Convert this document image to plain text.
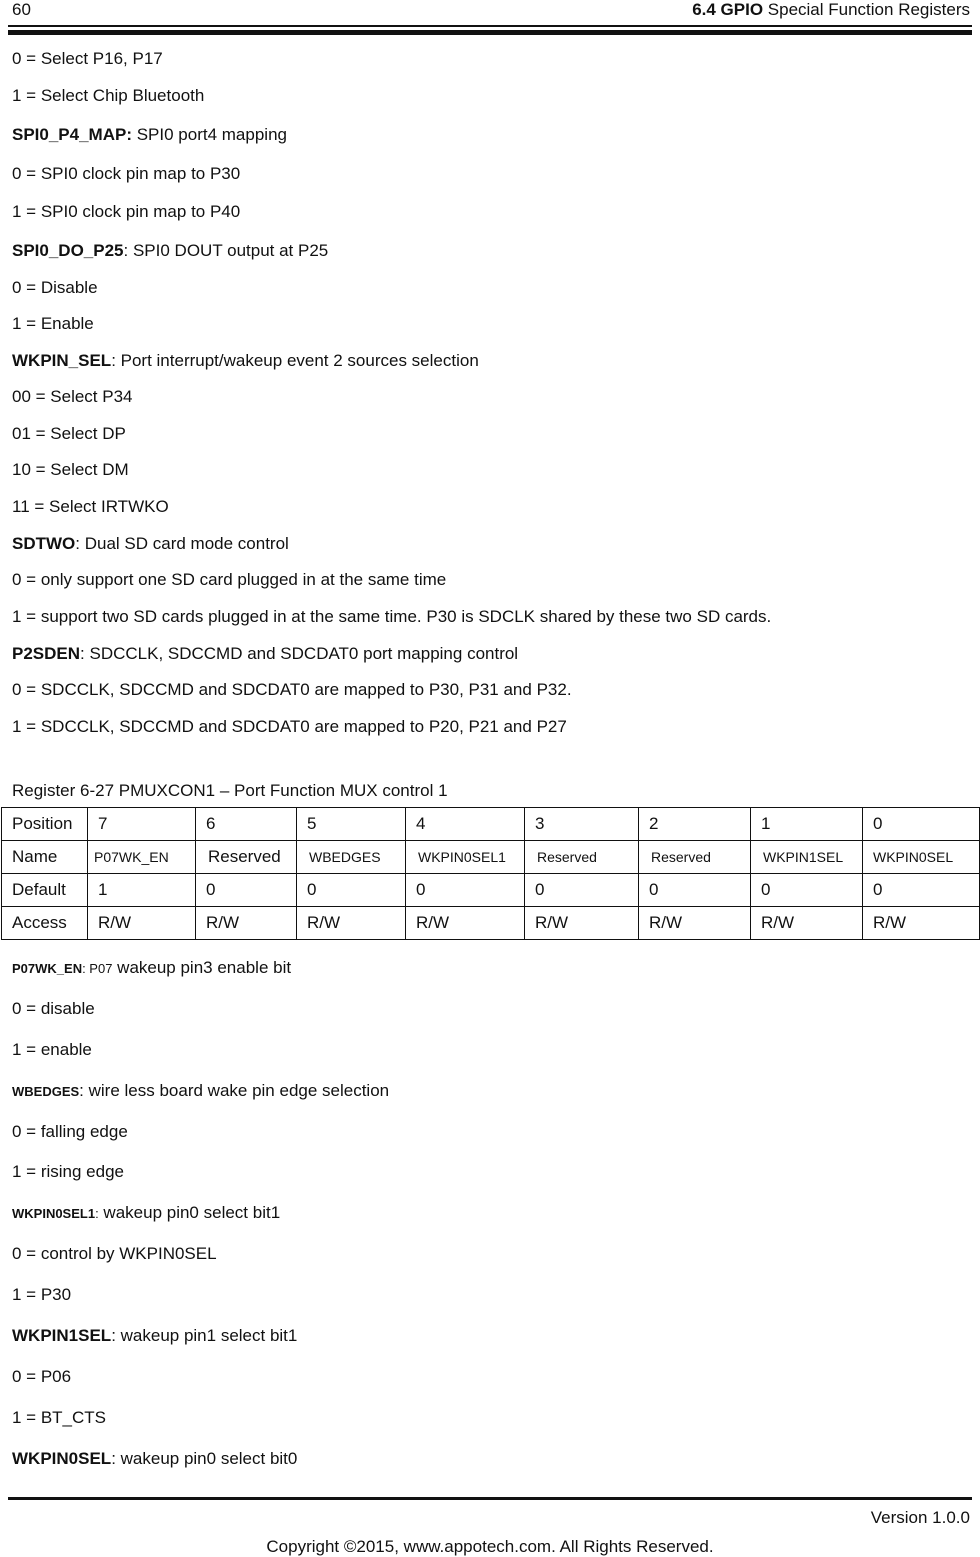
60	6.4 GPIO Special Function Registers
0 = Select P16, P17
1 = Select Chip Bluetooth
SPI0_P4_MAP: SPI0 port4 mapping
0 = SPI0 clock pin map to P30
1 = SPI0 clock pin map to P40
SPI0_DO_P25: SPI0 DOUT output at P25
0 = Disable
1 = Enable
WKPIN_SEL: Port interrupt/wakeup event 2 sources selection
00 = Select P34
01 = Select DP
10 = Select DM
11 = Select IRTWKO
SDTWO: Dual SD card mode control
0 = only support one SD card plugged in at the same time
1 = support two SD cards plugged in at the same time. P30 is SDCLK shared by these two SD cards.
P2SDEN: SDCCLK, SDCCMD and SDCDAT0 port mapping control
0 = SDCCLK, SDCCMD and SDCDAT0 are mapped to P30, P31 and P32.
1 = SDCCLK, SDCCMD and SDCDAT0 are mapped to P20, P21 and P27
Register 6-27 PMUXCON1 – Port Function MUX control 1
Position	7	6	5	4	3	2	1	0
Name	P07WK_EN	Reserved	WBEDGES	WKPIN0SEL1	Reserved	Reserved	WKPIN1SEL	WKPIN0SEL
Default	1	0	0	0	0	0	0	0
Access	R/W	R/W	R/W	R/W	R/W	R/W	R/W	R/W
P07WK_EN: P07 wakeup pin3 enable bit
0 = disable
1 = enable
WBEDGES: wire less board wake pin edge selection
0 = falling edge
1 = rising edge
WKPIN0SEL1: wakeup pin0 select bit1
0 = control by WKPIN0SEL
1 = P30
WKPIN1SEL: wakeup pin1 select bit1
0 = P06
1 = BT_CTS
WKPIN0SEL: wakeup pin0 select bit0
Version 1.0.0
Copyright ©2015, www.appotech.com. All Rights Reserved.
